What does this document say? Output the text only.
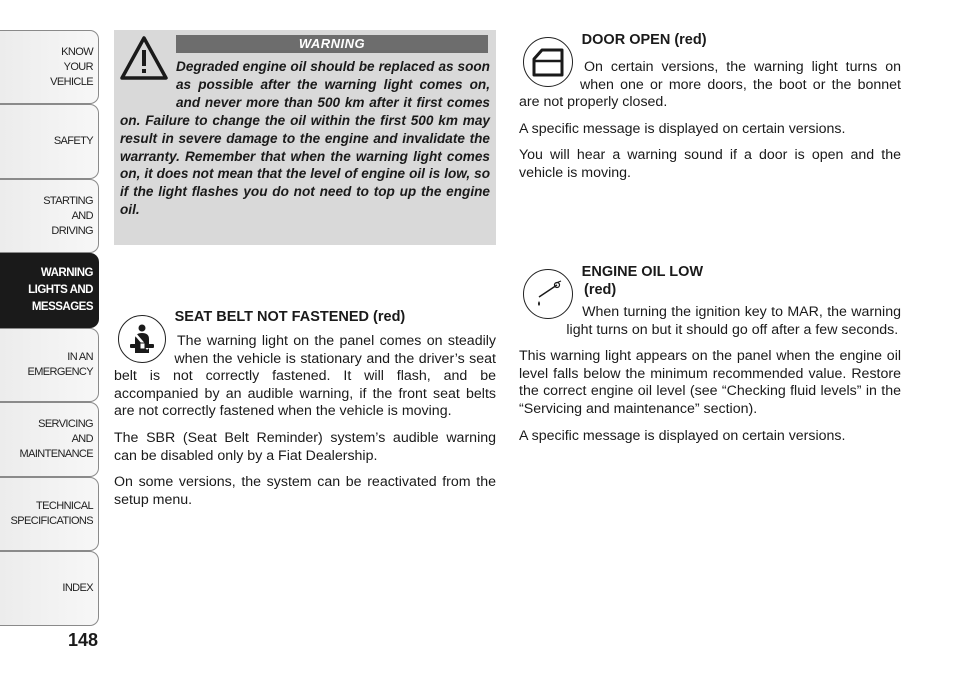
KNOW
YOUR
VEHICLE
SAFETY
STARTING
AND
DRIVING
WARNING
LIGHTS AND
MESSAGES
IN AN
EMERGENCY
SERVICING
AND
MAINTENANCE
TECHNICAL
SPECIFICATIONS
INDEX
148
WARNING

Degraded engine oil should be replaced as soon as possible after the warning light comes on, and never more than 500 km after it first comes on. Failure to change the oil within the first 500 km may result in severe damage to the engine and invalidate the warranty. Remember that when the warning light comes on, it does not mean that the level of engine oil is low, so if the light flashes you do not need to top up the engine oil.

SEAT BELT NOT FASTENED (red)

The warning light on the panel comes on steadily when the vehicle is stationary and the driver’s seat belt is not correctly fastened. It will flash, and be accompanied by an audible warning, if the front seat belts are not correctly fastened when the vehicle is moving.

The SBR (Seat Belt Reminder) system’s audible warning can be disabled only by a Fiat Dealership.

On some versions, the system can be reactivated from the setup menu.

DOOR OPEN (red)

On certain versions, the warning light turns on when one or more doors, the boot or the bonnet are not properly closed.

A specific message is displayed on certain versions.

You will hear a warning sound if a door is open and the vehicle is moving.

ENGINE OIL LOW
(red)

When turning the ignition key to MAR, the warning light turns on but it should go off after a few seconds.

This warning light appears on the panel when the engine oil level falls below the minimum recommended value. Restore the correct engine oil level (see “Checking fluid levels” in the “Servicing and maintenance” section).

A specific message is displayed on certain versions.
